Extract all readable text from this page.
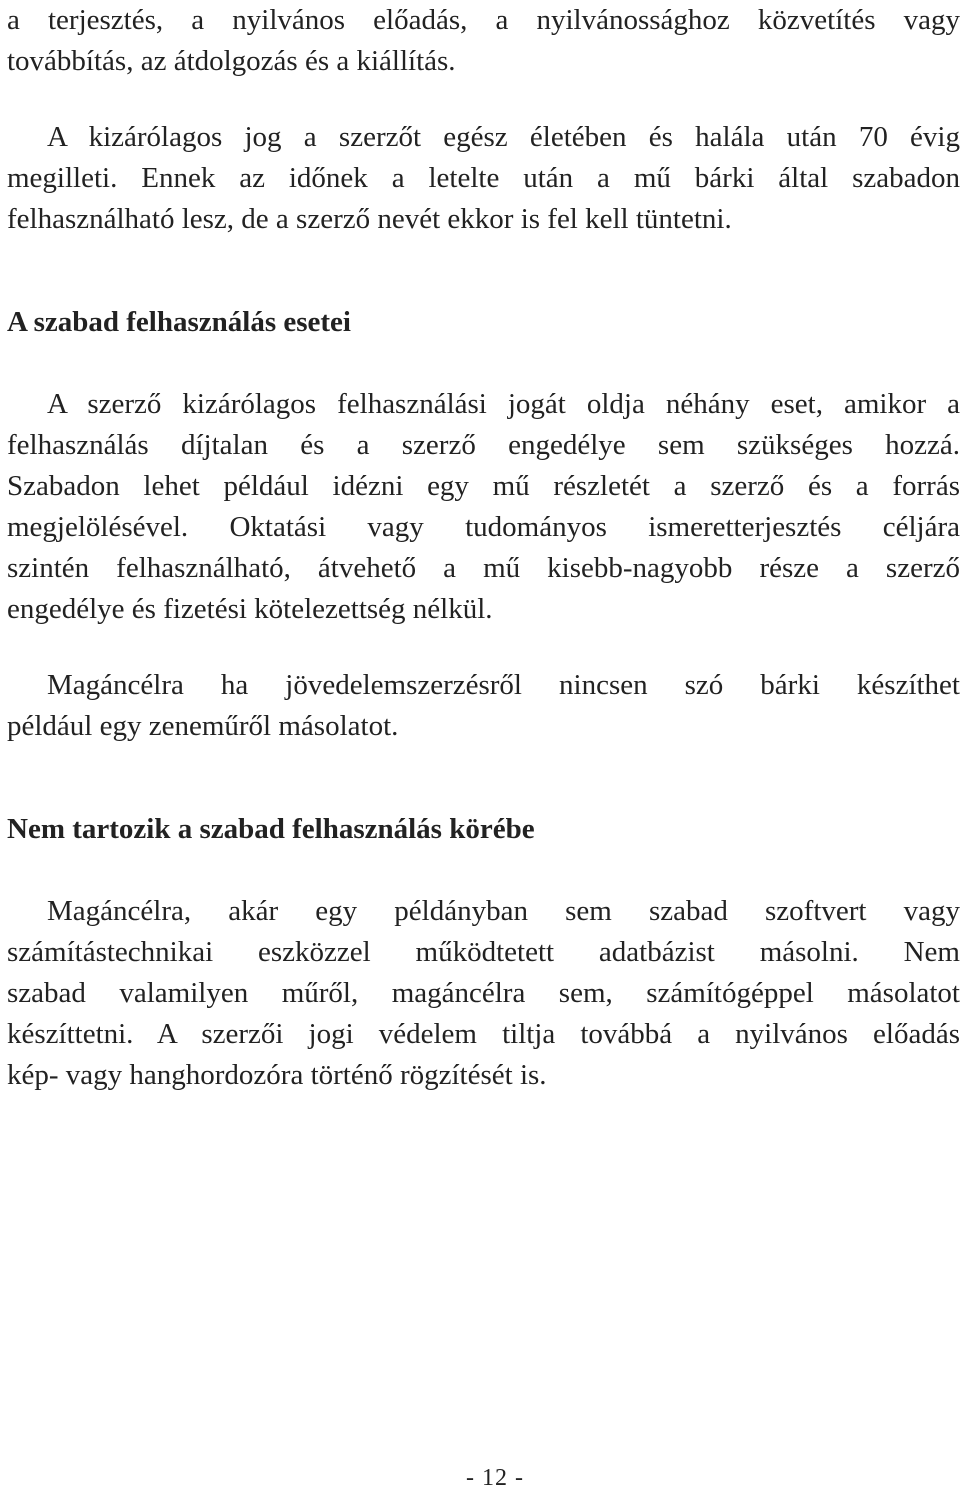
a terjesztés, a nyilvános előadás, a nyilvánossághoz közvetítés vagy
továbbítás, az átdolgozás és a kiállítás.
A kizárólagos jog a szerzőt egész életében és halála után 70 évig
megilleti. Ennek az időnek a letelte után a mű bárki által szabadon
felhasználható lesz, de a szerző nevét ekkor is fel kell tüntetni.
A szabad felhasználás esetei
A szerző kizárólagos felhasználási jogát oldja néhány eset, amikor a
felhasználás díjtalan és a szerző engedélye sem szükséges hozzá.
Szabadon lehet például idézni egy mű részletét a szerző és a forrás
megjelölésével. Oktatási vagy tudományos ismeretterjesztés céljára
szintén felhasználható, átvehető a mű kisebb-nagyobb része a szerző
engedélye és fizetési kötelezettség nélkül.
Magáncélra ha jövedelemszerzésről nincsen szó bárki készíthet
például egy zeneműről másolatot.
Nem tartozik a szabad felhasználás körébe
Magáncélra, akár egy példányban sem szabad szoftvert vagy
számítástechnikai eszközzel működtetett adatbázist másolni. Nem
szabad valamilyen műről, magáncélra sem, számítógéppel másolatot
készíttetni. A szerzői jogi védelem tiltja továbbá a nyilvános előadás
kép- vagy hanghordozóra történő rögzítését is.
- 12 -
